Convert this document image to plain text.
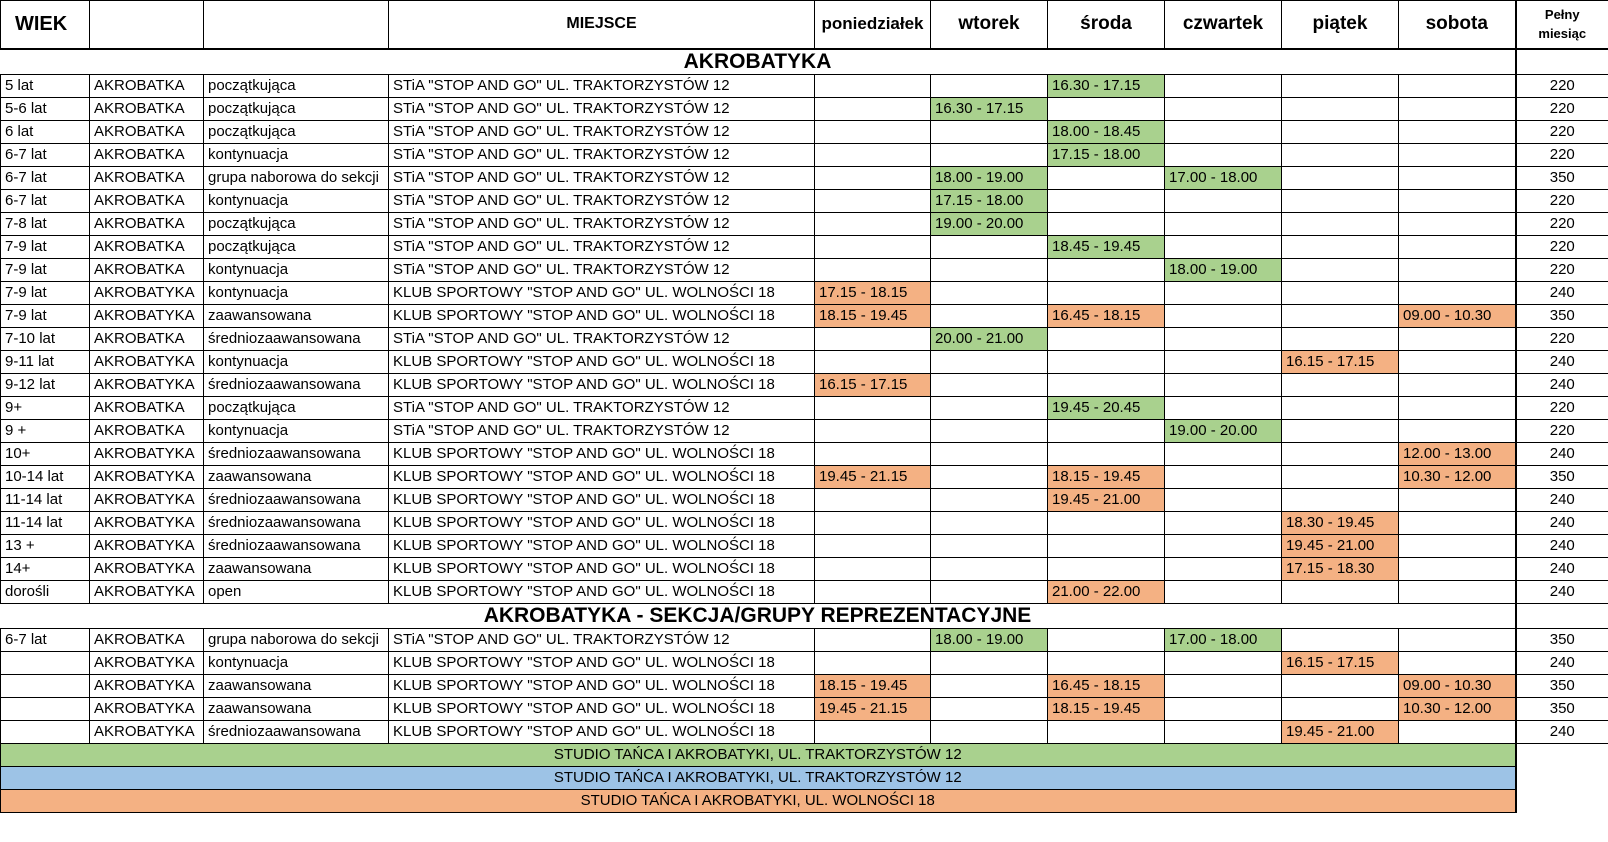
WIEK			MIEJSCE	poniedziałek	wtorek	środa	czwartek	piątek	sobota	Pełny
miesiąc
AKROBATYKA										
5 lat	AKROBATKA	początkująca	STiA "STOP AND GO" UL. TRAKTORZYSTÓW 12			16.30 - 17.15				220
5-6 lat	AKROBATKA	początkująca	STiA "STOP AND GO" UL. TRAKTORZYSTÓW 12		16.30 - 17.15					220
6 lat	AKROBATKA	początkująca	STiA "STOP AND GO" UL. TRAKTORZYSTÓW 12			18.00 - 18.45				220
6-7 lat	AKROBATKA	kontynuacja	STiA "STOP AND GO" UL. TRAKTORZYSTÓW 12			17.15 - 18.00				220
6-7 lat	AKROBATKA	grupa naborowa do sekcji	STiA "STOP AND GO" UL. TRAKTORZYSTÓW 12		18.00 - 19.00		17.00 - 18.00			350
6-7 lat	AKROBATKA	kontynuacja	STiA "STOP AND GO" UL. TRAKTORZYSTÓW 12		17.15 - 18.00					220
7-8 lat	AKROBATKA	początkująca	STiA "STOP AND GO" UL. TRAKTORZYSTÓW 12		19.00 - 20.00					220
7-9 lat	AKROBATKA	początkująca	STiA "STOP AND GO" UL. TRAKTORZYSTÓW 12			18.45 - 19.45				220
7-9 lat	AKROBATKA	kontynuacja	STiA "STOP AND GO" UL. TRAKTORZYSTÓW 12				18.00 - 19.00			220
7-9 lat	AKROBATYKA	kontynuacja	KLUB SPORTOWY "STOP AND GO" UL. WOLNOŚCI 18	17.15 - 18.15						240
7-9 lat	AKROBATYKA	zaawansowana	KLUB SPORTOWY "STOP AND GO" UL. WOLNOŚCI 18	18.15 - 19.45		16.45 - 18.15			09.00 - 10.30	350
7-10 lat	AKROBATKA	średniozaawansowana	STiA "STOP AND GO" UL. TRAKTORZYSTÓW 12		20.00 - 21.00					220
9-11 lat	AKROBATYKA	kontynuacja	KLUB SPORTOWY "STOP AND GO" UL. WOLNOŚCI 18					16.15 - 17.15		240
9-12 lat	AKROBATYKA	średniozaawansowana	KLUB SPORTOWY "STOP AND GO" UL. WOLNOŚCI 18	16.15 - 17.15						240
9+	AKROBATKA	początkująca	STiA "STOP AND GO" UL. TRAKTORZYSTÓW 12			19.45 - 20.45				220
9 +	AKROBATKA	kontynuacja	STiA "STOP AND GO" UL. TRAKTORZYSTÓW 12				19.00 - 20.00			220
10+	AKROBATYKA	średniozaawansowana	KLUB SPORTOWY "STOP AND GO" UL. WOLNOŚCI 18						12.00 - 13.00	240
10-14 lat	AKROBATYKA	zaawansowana	KLUB SPORTOWY "STOP AND GO" UL. WOLNOŚCI 18	19.45 - 21.15		18.15 - 19.45			10.30 - 12.00	350
11-14 lat	AKROBATYKA	średniozaawansowana	KLUB SPORTOWY "STOP AND GO" UL. WOLNOŚCI 18			19.45 - 21.00				240
11-14 lat	AKROBATYKA	średniozaawansowana	KLUB SPORTOWY "STOP AND GO" UL. WOLNOŚCI 18					18.30 - 19.45		240
13 +	AKROBATYKA	średniozaawansowana	KLUB SPORTOWY "STOP AND GO" UL. WOLNOŚCI 18					19.45 - 21.00		240
14+	AKROBATYKA	zaawansowana	KLUB SPORTOWY "STOP AND GO" UL. WOLNOŚCI 18					17.15 - 18.30		240
dorośli	AKROBATYKA	open	KLUB SPORTOWY "STOP AND GO" UL. WOLNOŚCI 18			21.00 - 22.00				240
AKROBATYKA - SEKCJA/GRUPY REPREZENTACYJNE										
6-7 lat	AKROBATKA	grupa naborowa do sekcji	STiA "STOP AND GO" UL. TRAKTORZYSTÓW 12		18.00 - 19.00		17.00 - 18.00			350
	AKROBATYKA	kontynuacja	KLUB SPORTOWY "STOP AND GO" UL. WOLNOŚCI 18					16.15 - 17.15		240
	AKROBATYKA	zaawansowana	KLUB SPORTOWY "STOP AND GO" UL. WOLNOŚCI 18	18.15 - 19.45		16.45 - 18.15			09.00 - 10.30	350
	AKROBATYKA	zaawansowana	KLUB SPORTOWY "STOP AND GO" UL. WOLNOŚCI 18	19.45 - 21.15		18.15 - 19.45			10.30 - 12.00	350
	AKROBATYKA	średniozaawansowana	KLUB SPORTOWY "STOP AND GO" UL. WOLNOŚCI 18					19.45 - 21.00		240
STUDIO TAŃCA I AKROBATYKI, UL. TRAKTORZYSTÓW 12										
STUDIO TAŃCA I AKROBATYKI, UL. TRAKTORZYSTÓW 12										
STUDIO TAŃCA I AKROBATYKI, UL. WOLNOŚCI 18										
